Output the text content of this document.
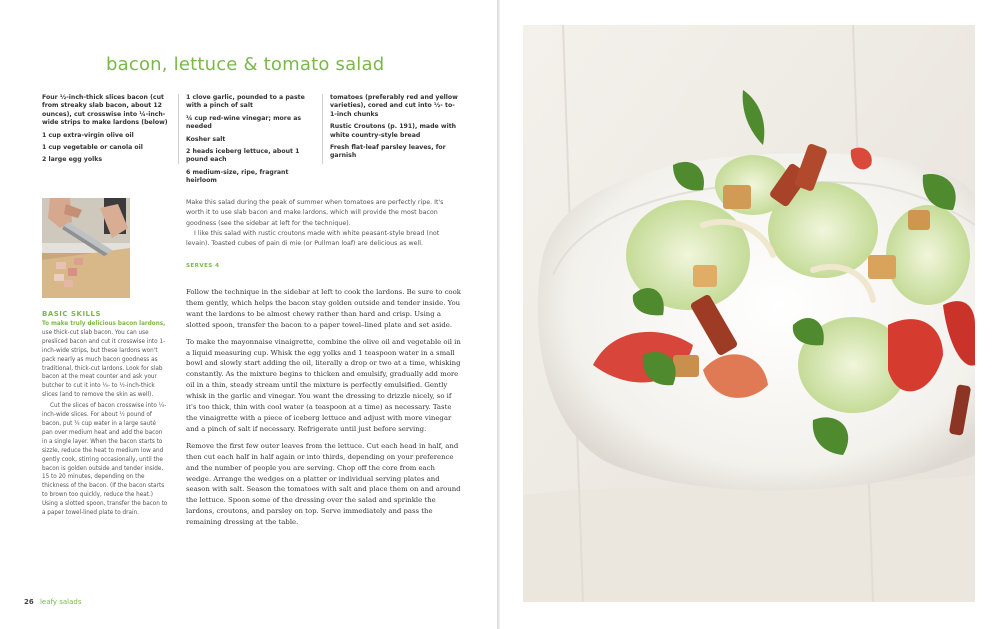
bacon, lettuce & tomato salad

Four ½-inch-thick slices bacon (cut from streaky slab bacon, about 12 ounces), cut crosswise into ¼-inch-wide strips to make lardons (below)

1 cup extra-virgin olive oil

1 cup vegetable or canola oil

2 large egg yolks

1 clove garlic, pounded to a paste with a pinch of salt

¼ cup red-wine vinegar; more as needed

Kosher salt

2 heads iceberg lettuce, about 1 pound each

6 medium-size, ripe, fragrant heirloom

tomatoes (preferably red and yellow varieties), cored and cut into ½- to-1-inch chunks

Rustic Croutons (p. 191), made with white country-style bread

Fresh flat-leaf parsley leaves, for garnish

BASIC SKILLS

To make truly delicious bacon lardons, use thick-cut slab bacon. You can use presliced bacon and cut it crosswise into 1-inch-wide strips, but these lardons won't pack nearly as much bacon goodness as traditional, thick-cut lardons. Look for slab bacon at the meat counter and ask your butcher to cut it into ¼- to ½-inch-thick slices (and to remove the skin as well).

Cut the slices of bacon crosswise into ¼-inch-wide slices. For about ½ pound of bacon, put ¼ cup water in a large sauté pan over medium heat and add the bacon in a single layer. When the bacon starts to sizzle, reduce the heat to medium low and gently cook, stirring occasionally, until the bacon is golden outside and tender inside, 15 to 20 minutes, depending on the thickness of the bacon. (If the bacon starts to brown too quickly, reduce the heat.) Using a slotted spoon, transfer the bacon to a paper towel-lined plate to drain.

Make this salad during the peak of summer when tomatoes are perfectly ripe. It's worth it to use slab bacon and make lardons, which will provide the most bacon goodness (see the sidebar at left for the technique).

I like this salad with rustic croutons made with white peasant-style bread (not levain). Toasted cubes of pain di mie (or Pullman loaf) are delicious as well.

SERVES 4

Follow the technique in the sidebar at left to cook the lardons. Be sure to cook them gently, which helps the bacon stay golden outside and tender inside. You want the lardons to be almost chewy rather than hard and crisp. Using a slotted spoon, transfer the bacon to a paper towel–lined plate and set aside.

To make the mayonnaise vinaigrette, combine the olive oil and vegetable oil in a liquid measuring cup. Whisk the egg yolks and 1 teaspoon water in a small bowl and slowly start adding the oil, literally a drop or two at a time, whisking constantly. As the mixture begins to thicken and emulsify, gradually add more oil in a thin, steady stream until the mixture is perfectly emulsified. Gently whisk in the garlic and vinegar. You want the dressing to drizzle nicely, so if it's too thick, thin with cool water (a teaspoon at a time) as necessary. Taste the vinaigrette with a piece of iceberg lettuce and adjust with more vinegar and a pinch of salt if necessary. Refrigerate until just before serving.

Remove the first few outer leaves from the lettuce. Cut each head in half, and then cut each half in half again or into thirds, depending on your preference and the number of people you are serving. Chop off the core from each wedge. Arrange the wedges on a platter or individual serving plates and season with salt. Season the tomatoes with salt and place them on and around the lettuce. Spoon some of the dressing over the salad and sprinkle the lardons, croutons, and parsley on top. Serve immediately and pass the remaining dressing at the table.

26 leafy salads
